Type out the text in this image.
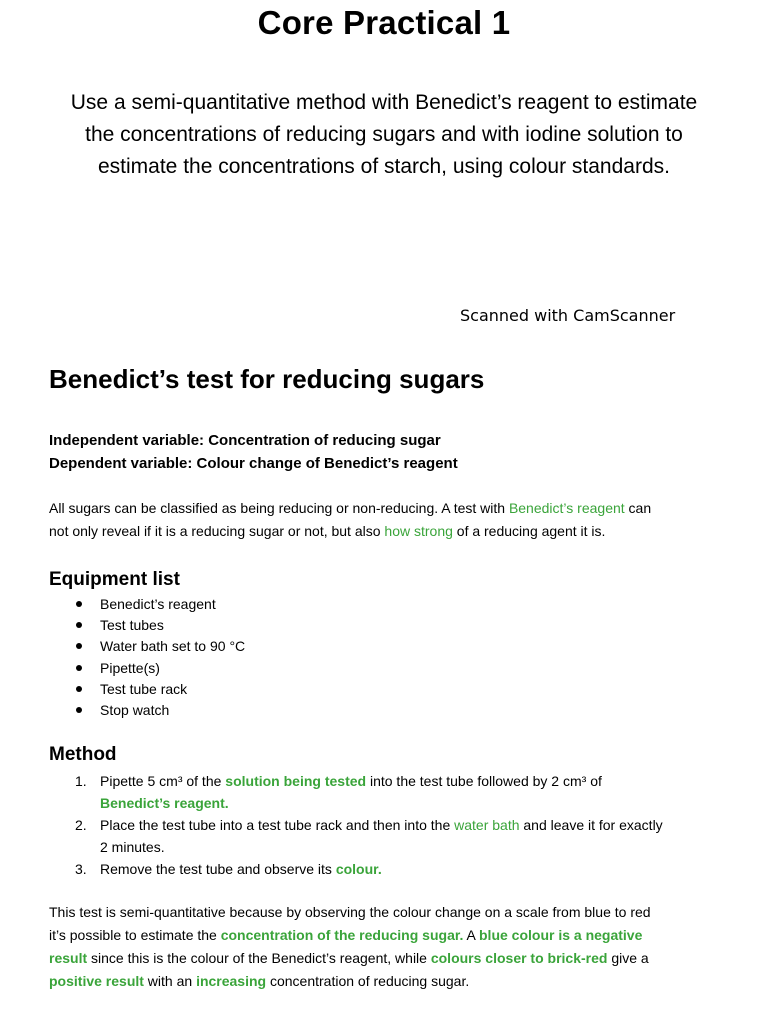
Core Practical 1
Use a semi-quantitative method with Benedict’s reagent to estimate
the concentrations of reducing sugars and with iodine solution to
estimate the concentrations of starch, using colour standards.
Scanned with CamScanner
Benedict’s test for reducing sugars
Independent variable: Concentration of reducing sugar
Dependent variable: Colour change of Benedict’s reagent
All sugars can be classified as being reducing or non-reducing. A test with Benedict’s reagent can
not only reveal if it is a reducing sugar or not, but also how strong of a reducing agent it is.
Equipment list
Benedict’s reagent
Test tubes
Water bath set to 90 °C
Pipette(s)
Test tube rack
Stop watch
Method
1. Pipette 5 cm³ of the solution being tested into the test tube followed by 2 cm³ of
Benedict’s reagent.
2. Place the test tube into a test tube rack and then into the water bath and leave it for exactly
2 minutes.
3. Remove the test tube and observe its colour.
This test is semi-quantitative because by observing the colour change on a scale from blue to red
it’s possible to estimate the concentration of the reducing sugar. A blue colour is a negative
result since this is the colour of the Benedict’s reagent, while colours closer to brick-red give a
positive result with an increasing concentration of reducing sugar.
